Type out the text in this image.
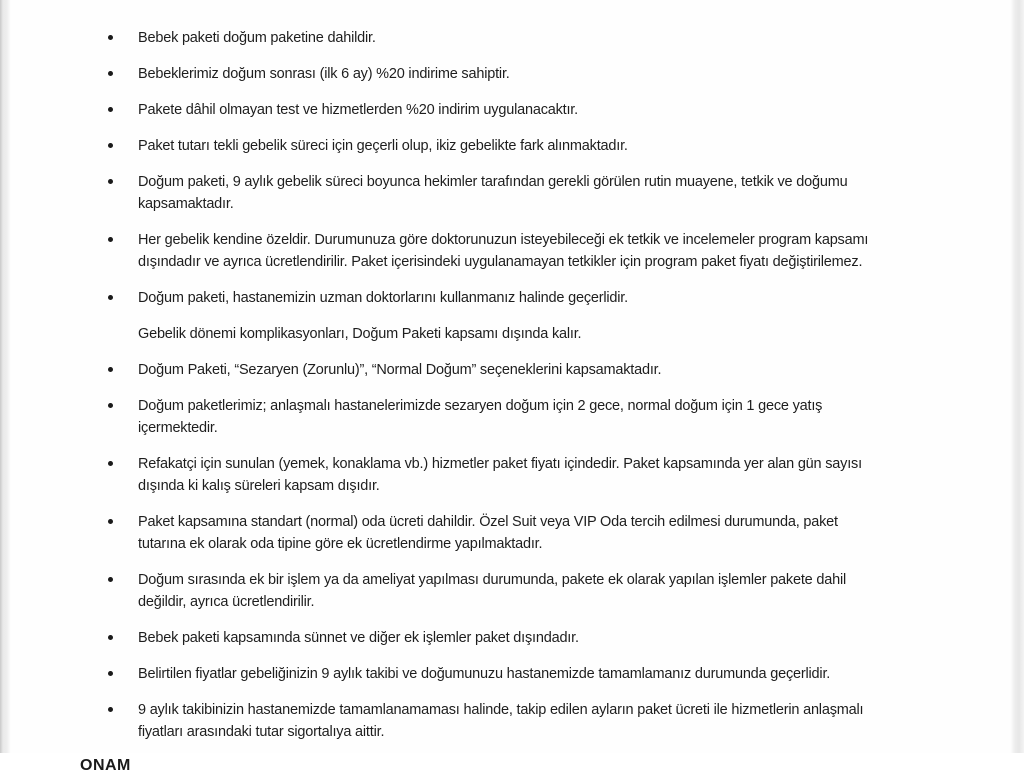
Bebek paketi doğum paketine dahildir.
Bebeklerimiz doğum sonrası (ilk 6 ay) %20 indirime sahiptir.
Pakete dâhil olmayan test ve hizmetlerden %20 indirim uygulanacaktır.
Paket tutarı tekli gebelik süreci için geçerli olup, ikiz gebelikte fark alınmaktadır.
Doğum paketi, 9 aylık gebelik süreci boyunca hekimler tarafından gerekli görülen rutin muayene, tetkik ve doğumu
kapsamaktadır.
Her gebelik kendine özeldir. Durumunuza göre doktorunuzun isteyebileceği ek tetkik ve incelemeler program kapsamı
dışındadır ve ayrıca ücretlendirilir. Paket içerisindeki uygulanamayan tetkikler için program paket fiyatı değiştirilemez.
Doğum paketi, hastanemizin uzman doktorlarını kullanmanız halinde geçerlidir.
Gebelik dönemi komplikasyonları, Doğum Paketi kapsamı dışında kalır.
Doğum Paketi, “Sezaryen (Zorunlu)”, “Normal Doğum” seçeneklerini kapsamaktadır.
Doğum paketlerimiz; anlaşmalı hastanelerimizde sezaryen doğum için 2 gece, normal doğum için 1 gece yatış
içermektedir.
Refakatçi için sunulan (yemek, konaklama vb.) hizmetler paket fiyatı içindedir. Paket kapsamında yer alan gün sayısı
dışında ki kalış süreleri kapsam dışıdır.
Paket kapsamına standart (normal) oda ücreti dahildir. Özel Suit veya VIP Oda tercih edilmesi durumunda, paket
tutarına ek olarak oda tipine göre ek ücretlendirme yapılmaktadır.
Doğum sırasında ek bir işlem ya da ameliyat yapılması durumunda, pakete ek olarak yapılan işlemler pakete dahil
değildir, ayrıca ücretlendirilir.
Bebek paketi kapsamında sünnet ve diğer ek işlemler paket dışındadır.
Belirtilen fiyatlar gebeliğinizin 9 aylık takibi ve doğumunuzu hastanemizde tamamlamanız durumunda geçerlidir.
9 aylık takibinizin hastanemizde tamamlanamaması halinde, takip edilen ayların paket ücreti ile hizmetlerin anlaşmalı
fiyatları arasındaki tutar sigortalıya aittir.
ONAM
